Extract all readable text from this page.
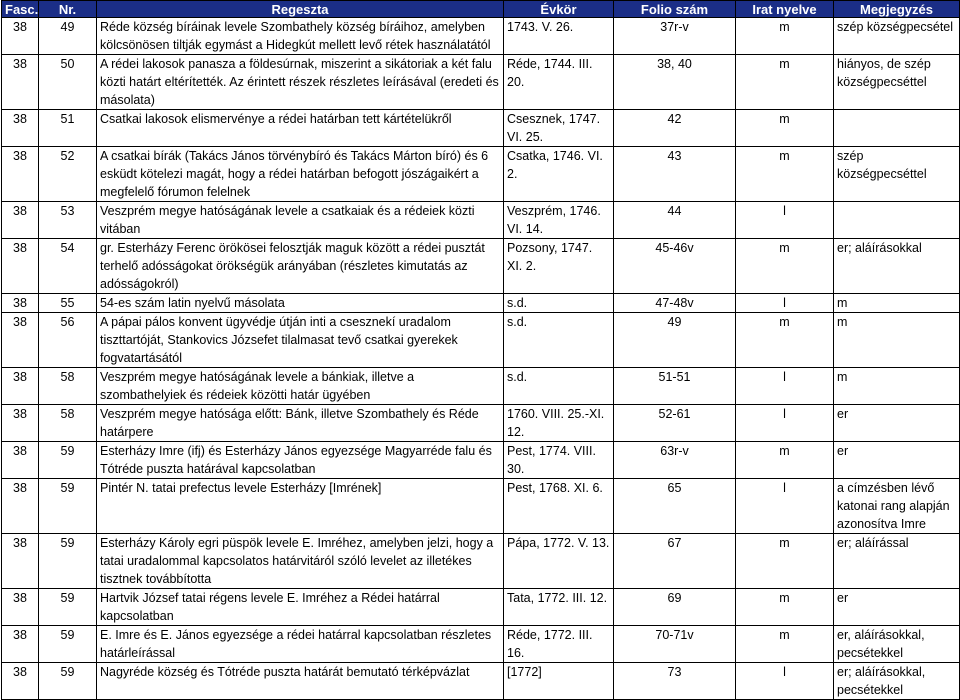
Fasc.	Nr.	Regeszta	Évkör	Folio szám	Irat nyelve	Megjegyzés
38	49	Réde község bíráinak levele Szombathely község bíráihoz, amelyben kölcsönösen tiltják egymást a Hidegkút mellett levő rétek használatától	1743. V. 26.	37r-v	m	szép községpecsétel
38	50	A rédei lakosok panasza a földesúrnak, miszerint a sikátoriak a két falu közti határt eltérítették. Az érintett részek részletes leírásával (eredeti és másolata)	Réde, 1744. III. 20.	38, 40	m	hiányos, de szép községpecséttel
38	51	Csatkai lakosok elismervénye a rédei határban tett kártételükről	Csesznek, 1747. VI. 25.	42	m	
38	52	A csatkai bírák (Takács János törvénybíró és Takács Márton bíró) és 6 esküdt kötelezi magát, hogy a rédei határban befogott jószágaikért a megfelelő fórumon felelnek	Csatka, 1746. VI. 2.	43	m	szép községpecséttel
38	53	Veszprém megye hatóságának levele a csatkaiak és a rédeiek közti vitában	Veszprém, 1746. VI. 14.	44	l	
38	54	gr. Esterházy Ferenc örökösei felosztják maguk között a rédei pusztát terhelő adósságokat örökségük arányában (részletes kimutatás az adósságokról)	Pozsony, 1747. XI. 2.	45-46v	m	er; aláírásokkal
38	55	54-es szám latin nyelvű másolata	s.d.	47-48v	l	m
38	56	A pápai pálos konvent ügyvédje útján inti a csesznekí uradalom tiszttartóját, Stankovics Józsefet tilalmasat tevő csatkai gyerekek fogvatartásától	s.d.	49	m	m
38	58	Veszprém megye hatóságának levele a bánkiak, illetve a szombathelyiek és rédeiek közötti határ ügyében	s.d.	51-51	l	m
38	58	Veszprém megye hatósága előtt: Bánk, illetve Szombathely és Réde határpere	1760. VIII. 25.-XI. 12.	52-61	l	er
38	59	Esterházy Imre (ifj) és Esterházy János egyezsége Magyarréde falu és Tótréde puszta határával kapcsolatban	Pest, 1774. VIII. 30.	63r-v	m	er
38	59	Pintér N. tatai prefectus levele Esterházy [Imrének]	Pest, 1768. XI. 6.	65	l	a címzésben lévő katonai rang alapján azonosítva Imre
38	59	Esterházy Károly egri püspök levele E. Imréhez, amelyben jelzi, hogy a tatai uradalommal kapcsolatos határvitáról szóló levelet az illetékes tisztnek továbbította	Pápa, 1772. V. 13.	67	m	er; aláírással
38	59	Hartvik József tatai régens levele E. Imréhez a Rédei határral kapcsolatban	Tata, 1772. III. 12.	69	m	er
38	59	E. Imre és E. János egyezsége a rédei határral kapcsolatban részletes határleírással	Réde, 1772. III. 16.	70-71v	m	er, aláírásokkal, pecsétekkel
38	59	Nagyréde község és Tótréde puszta határát bemutató térképvázlat	[1772]	73	l	er; aláírásokkal, pecsétekkel
